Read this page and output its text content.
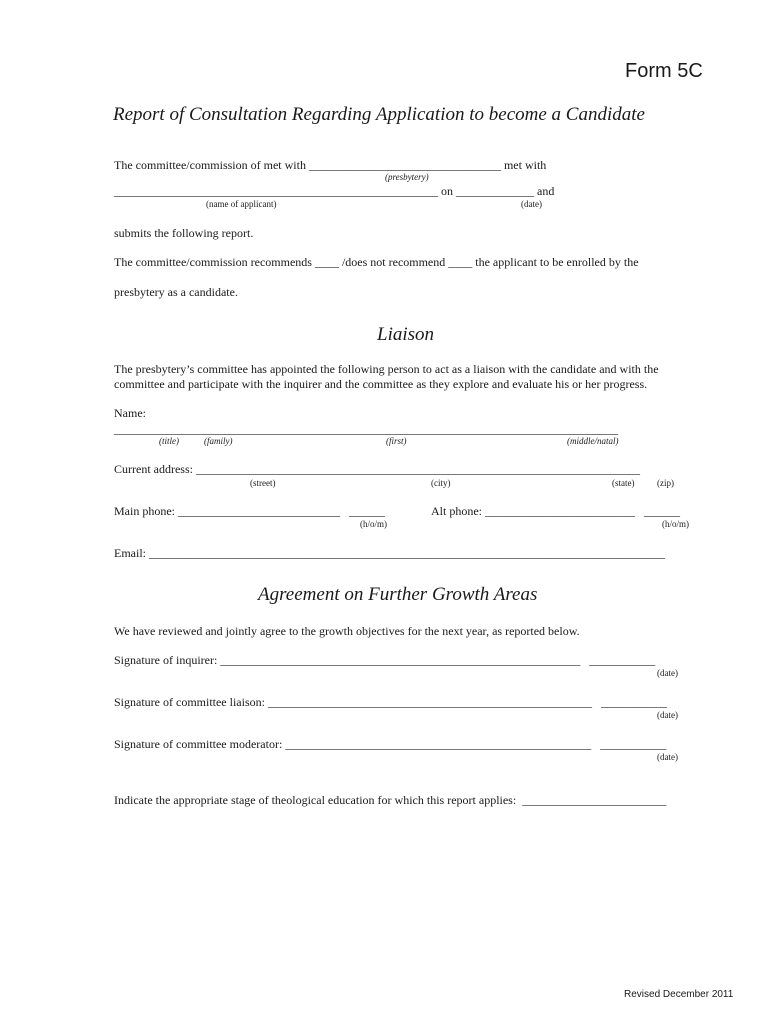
Form 5C
Report of Consultation Regarding Application to become a Candidate
The committee/commission of met with ________________________________ met with
(presbytery)
______________________________________________________ on _____________ and
(name of applicant)	(date)
submits the following report.
The committee/commission recommends ____ /does not recommend ____ the applicant to be enrolled by the
presbytery as a candidate.
Liaison
The presbytery’s committee has appointed the following person to act as a liaison with the candidate and with the committee and participate with the inquirer and the committee as they explore and evaluate his or her progress.
Name:
____________________________________________________________________________________
(title)	(family)	(first)	(middle/natal)
Current address: __________________________________________________________________________
(street)	(city)	(state)	(zip)
Main phone: ___________________________   ______
(h/o/m)
Alt phone: _________________________   ______
(h/o/m)
Email: ______________________________________________________________________________________
Agreement on Further Growth Areas
We have reviewed and jointly agree to the growth objectives for the next year, as reported below.
Signature of inquirer: ____________________________________________________________   ___________
(date)
Signature of committee liaison: ______________________________________________________   ___________
(date)
Signature of committee moderator: ___________________________________________________   ___________
(date)
Indicate the appropriate stage of theological education for which this report applies:  ________________________
Revised December 2011
